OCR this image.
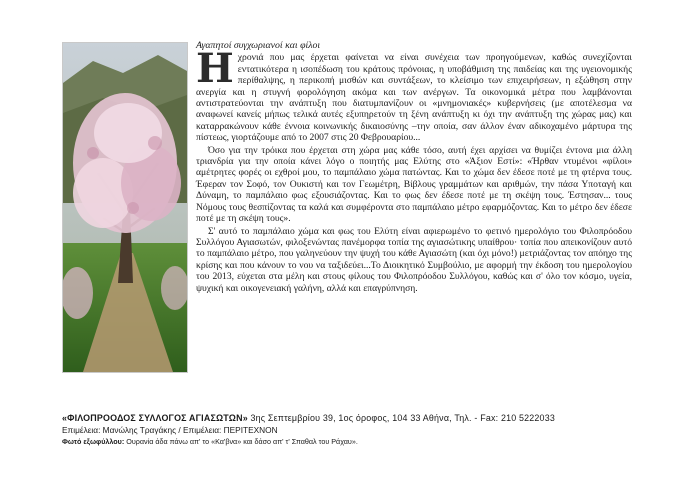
Αγαπητοί συγχωριανοί και φίλοι

Ηχρονιά που μας έρχεται φαίνεται να είναι συνέχεια των προηγούμενων, καθώς συνεχίζονται εντατικότερα η ισοπέδωση του κράτους πρόνοιας, η υποβάθμιση της παιδείας και της υγειονομικής περίθαλψης, η περικοπή μισθών και συντάξεων, το κλείσιμο των επιχειρήσεων, η εξώθηση στην ανεργία και η στυγνή φορολόγηση ακόμα και των ανέργων. Τα οικονομικά μέτρα που λαμβάνονται αντιστρατεύονται την ανάπτυξη που διατυμπανίζουν οι «μνημονιακές» κυβερνήσεις (με αποτέλεσμα να αναφωνεί κανείς μήπως τελικά αυτές εξυπηρετούν τη ξένη ανάπτυξη κι όχι την ανάπτυξη της χώρας μας) και καταρρακώνουν κάθε έννοια κοινωνικής δικαιοσύνης –την οποία, σαν άλλον έναν αδικοχαμένο μάρτυρα της πίστεως, γιορτάζουμε από το 2007 στις 20 Φεβρουαρίου...

Όσο για την τρόικα που έρχεται στη χώρα μας κάθε τόσο, αυτή έχει αρχίσει να θυμίζει έντονα μια άλλη τριανδρία για την οποία κάνει λόγο ο ποιητής μας Ελύτης στο «Άξιον Εστί»: «Ήρθαν ντυμένοι «φίλοι» αμέτρητες φορές οι εχθροί μου, το παμπάλαιο χώμα πατώντας. Και το χώμα δεν έδεσε ποτέ με τη φτέρνα τους. Έφεραν τον Σοφό, τον Ουκιστή και τον Γεωμέτρη, Βίβλους γραμμάτων και αριθμών, την πάσα Υποταγή και Δύναμη, το παμπάλαιο φως εξουσιάζοντας. Και το φως δεν έδεσε ποτέ με τη σκέψη τους. Έστησαν... τους Νόμους τους θεσπίζοντας τα καλά και συμφέροντα στο παμπάλαιο μέτρο εφαρμόζοντας. Και το μέτρο δεν έδεσε ποτέ με τη σκέψη τους».

Σ' αυτό το παμπάλαιο χώμα και φως του Ελύτη είναι αφιερωμένο το φετινό ημερολόγιο του Φιλοπρόοδου Συλλόγου Αγιασωτών, φιλοξενώντας πανέμορφα τοπία της αγιασώτικης υπαίθρου· τοπία που απεικονίζουν αυτό το παμπάλαιο μέτρο, που γαληνεύουν την ψυχή του κάθε Αγιασώτη (και όχι μόνο!) μετριάζοντας τον απόηχο της κρίσης και που κάνουν το νου να ταξιδεύει...Το Διοικητικό Συμβούλιο, με αφορμή την έκδοση του ημερολογίου του 2013, εύχεται στα μέλη και στους φίλους του Φιλοπρόοδου Συλλόγου, καθώς και σ' όλο τον κόσμο, υγεία, ψυχική και οικογενειακή γαλήνη, αλλά και επαγρύπνηση.

«ΦΙΛΟΠΡΟΟΔΟΣ ΣΥΛΛΟΓΟΣ ΑΓΙΑΣΩΤΩΝ» 3ης Σεπτεμβρίου 39, 1ος όροφος, 104 33 Αθήνα, Τηλ. - Fax: 210 5222033
Επιμέλεια: Μανώλης Τραγάκης / Επιμέλεια: ΠΕΡΙΤΕΧΝΟΝ
Φωτό εξωφύλλου: Ουρανία άδα πάνω απ' το «Κα'βνα» και δάσο απ' τ' Σπαθαλ του Ράχαυ».
